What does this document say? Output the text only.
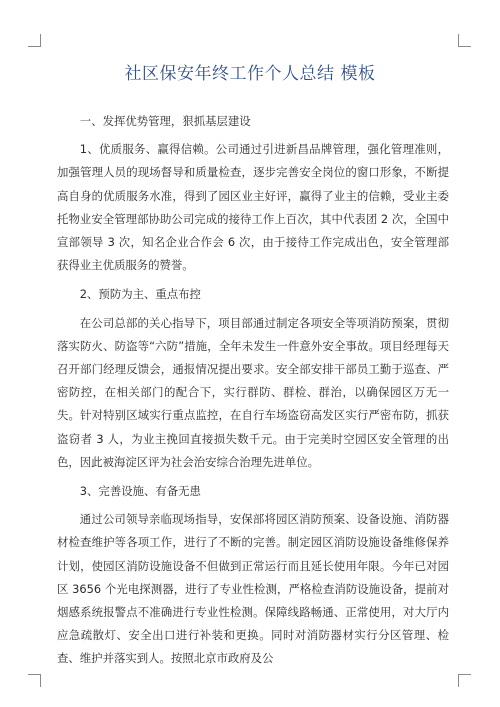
社区保安年终工作个人总结 模板

一、发挥优势管理，狠抓基层建设

1、优质服务、赢得信赖。公司通过引进新昌品牌管理，强化管理准则，加强管理人员的现场督导和质量检查，逐步完善安全岗位的窗口形象，不断提高自身的优质服务水准，得到了园区业主好评，赢得了业主的信赖，受业主委托物业安全管理部协助公司完成的接待工作上百次，其中代表团 2 次，全国中宣部领导 3 次，知名企业合作会 6 次，由于接待工作完成出色，安全管理部获得业主优质服务的赞誉。

2、预防为主、重点布控

在公司总部的关心指导下，项目部通过制定各项安全等项消防预案，贯彻落实防火、防盗等“六防”措施，全年未发生一件意外安全事故。项目经理每天召开部门经理反馈会，通报情况提出要求。安全部安排干部员工勤于巡查、严密防控，在相关部门的配合下，实行群防、群检、群治，以确保园区万无一失。针对特别区域实行重点监控，在自行车场盗窃高发区实行严密布防，抓获盗窃者 3 人，为业主挽回直接损失数千元。由于完美时空园区安全管理的出色，因此被海淀区评为社会治安综合治理先进单位。

3、完善设施、有备无患

通过公司领导亲临现场指导，安保部将园区消防预案、设备设施、消防器材检查维护等各项工作，进行了不断的完善。制定园区消防设施设备维修保养计划，使园区消防设施设备不但做到正常运行而且延长使用年限。今年已对园区 3656 个光电探测器，进行了专业性检测，严格检查消防设施设备，提前对烟感系统报警点不准确进行专业性检测。保障线路畅通、正常使用，对大厅内应急疏散灯、安全出口进行补装和更换。同时对消防器材实行分区管理、检查、维护并落实到人。按照北京市政府及公
